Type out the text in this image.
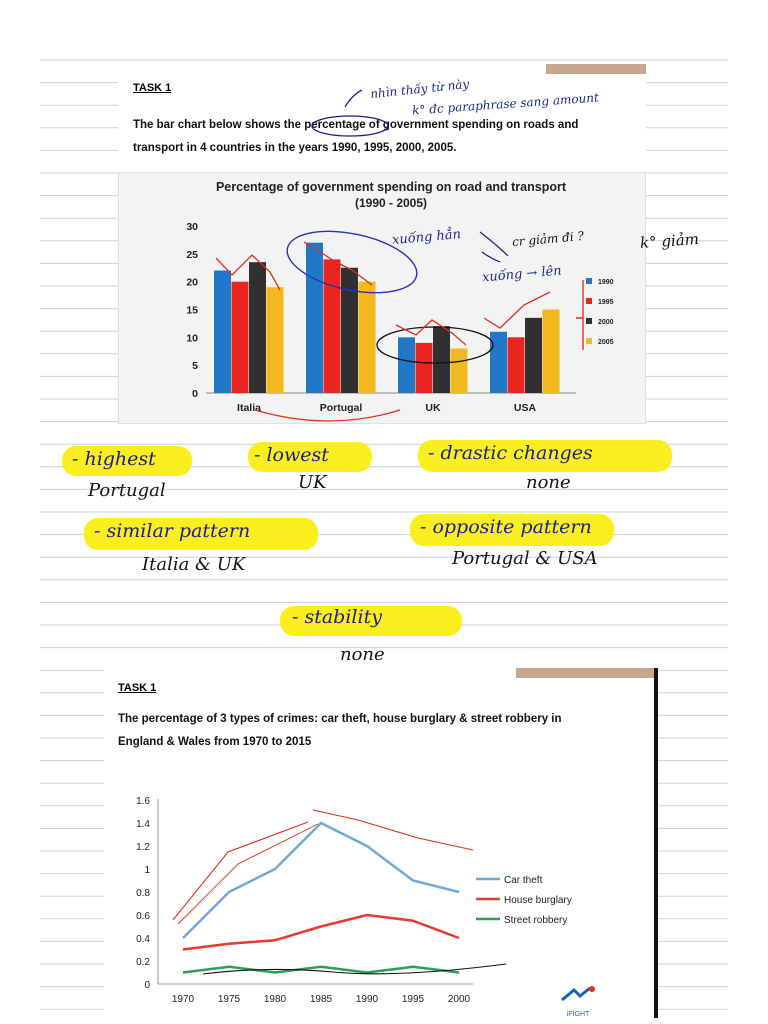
TASK 1
The bar chart below shows the percentage of government spending on roads and
transport in 4 countries in the years 1990, 1995, 2000, 2005.
Percentage of government spending on road and transport
(1990 - 2005)
0
5
10
15
20
25
30
Italia	Portugal	UK	USA
1990
1995
2000
2005
nhìn thấy từ này
k° đc paraphrase sang amount
xuống hẳn	cr giảm đi ?	k° giảm
xuống → lên
- highest
Portugal
- lowest
UK
- drastic changes
none
- similar pattern
Italia & UK
- opposite pattern
Portugal & USA
- stability
none
TASK 1
The percentage of 3 types of crimes: car theft, house burglary & street robbery in
England & Wales from 1970 to 2015
0
0.2
0.4
0.6
0.8
1
1.2
1.4
1.6
1970 1975 1980 1985 1990 1995 2000
Car theft
House burglary
Street robbery
iFIGHT
